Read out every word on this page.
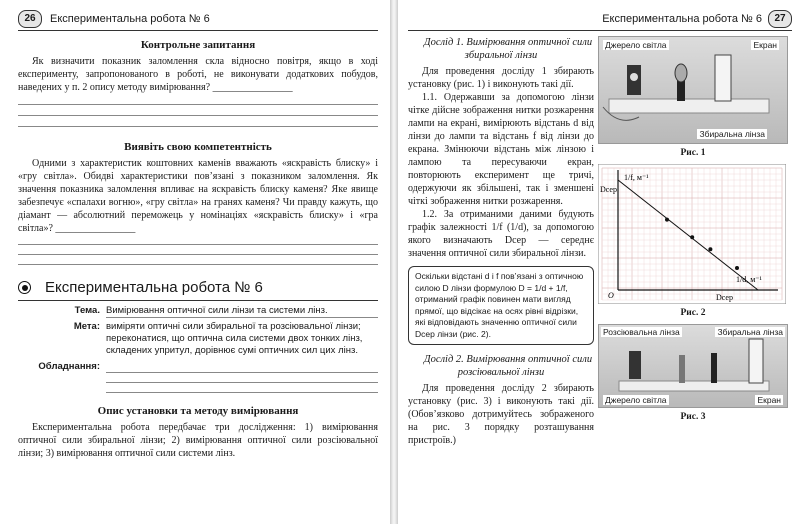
26	Експериментальна робота № 6
Контрольне запитання

Як визначити показник заломлення скла відносно повітря, якщо в ході експерименту, запропонованого в роботі, не виконувати додаткових побудов, наведених у п. 2 опису методу вимірювання? ________________

Виявіть свою компетентність

Одними з характеристик коштовних каменів вважають «яскравість блиску» і «гру світла». Обидві характеристики пов’язані з показником заломлення. Як значення показника заломлення впливає на яскравість блиску каменя? Яке явище забезпечує «спалахи вогню», «гру світла» на гранях каменя? Чи правду кажуть, що діамант — абсолютний переможець у номінаціях «яскравість блиску» і «гра світла»? ________________

Експериментальна робота № 6
Тема. Вимірювання оптичної сили лінзи та системи лінз.
Мета: виміряти оптичні сили збиральної та розсіювальної лінзи; переконатися, що оптична сила системи двох тонких лінз, складених упритул, дорівнює сумі оптичних сил цих лінз.
Обладнання:
Опис установки та методу вимірювання

Експериментальна робота передбачає три дослідження: 1) вимірювання оптичної сили збиральної лінзи; 2) вимірювання оптичної сили розсіювальної лінзи; 3) вимірювання оптичної сили системи лінз.

Експериментальна робота № 6	27

Дослід 1. Вимірювання оптичної сили збиральної лінзи

Для проведення досліду 1 збирають установку (рис. 1) і виконують такі дії.

1.1. Одержавши за допомогою лінзи чітке дійсне зображення нитки розжарення лампи на екрані, вимірюють відстань d від лінзи до лампи та відстань f від лінзи до екрана. Змінюючи відстань між лінзою і лампою та пересуваючи екран, повторюють експеримент ще тричі, одержуючи як збільшені, так і зменшені чіткі зображення нитки розжарення.

1.2. За отриманими даними будують графік залежності 1/f (1/d), за допомогою якого визначають Dсер — середнє значення оптичної сили збиральної лінзи.

Оскільки відстані d і f пов’язані з оптичною силою D лінзи формулою D = 1/d + 1/f, отриманий графік повинен мати вигляд прямої, що відсікає на осях рівні відрізки, які відповідають значенню оптичної сили Dсер лінзи (рис. 2).

Дослід 2. Вимірювання оптичної сили розсіювальної лінзи

Для проведення досліду 2 збирають установку (рис. 3) і виконують такі дії. (Обов’язково дотримуйтесь зображеного на рис. 3 порядку розташування пристроїв.)

Джерело світла	Екран
Збиральна лінза
Рис. 1
1/f, м⁻¹
1/d, м⁻¹
Dсер
Dсер
O
Рис. 2
Розсіювальна лінза	Збиральна лінза
Джерело світла	Екран
Рис. 3
